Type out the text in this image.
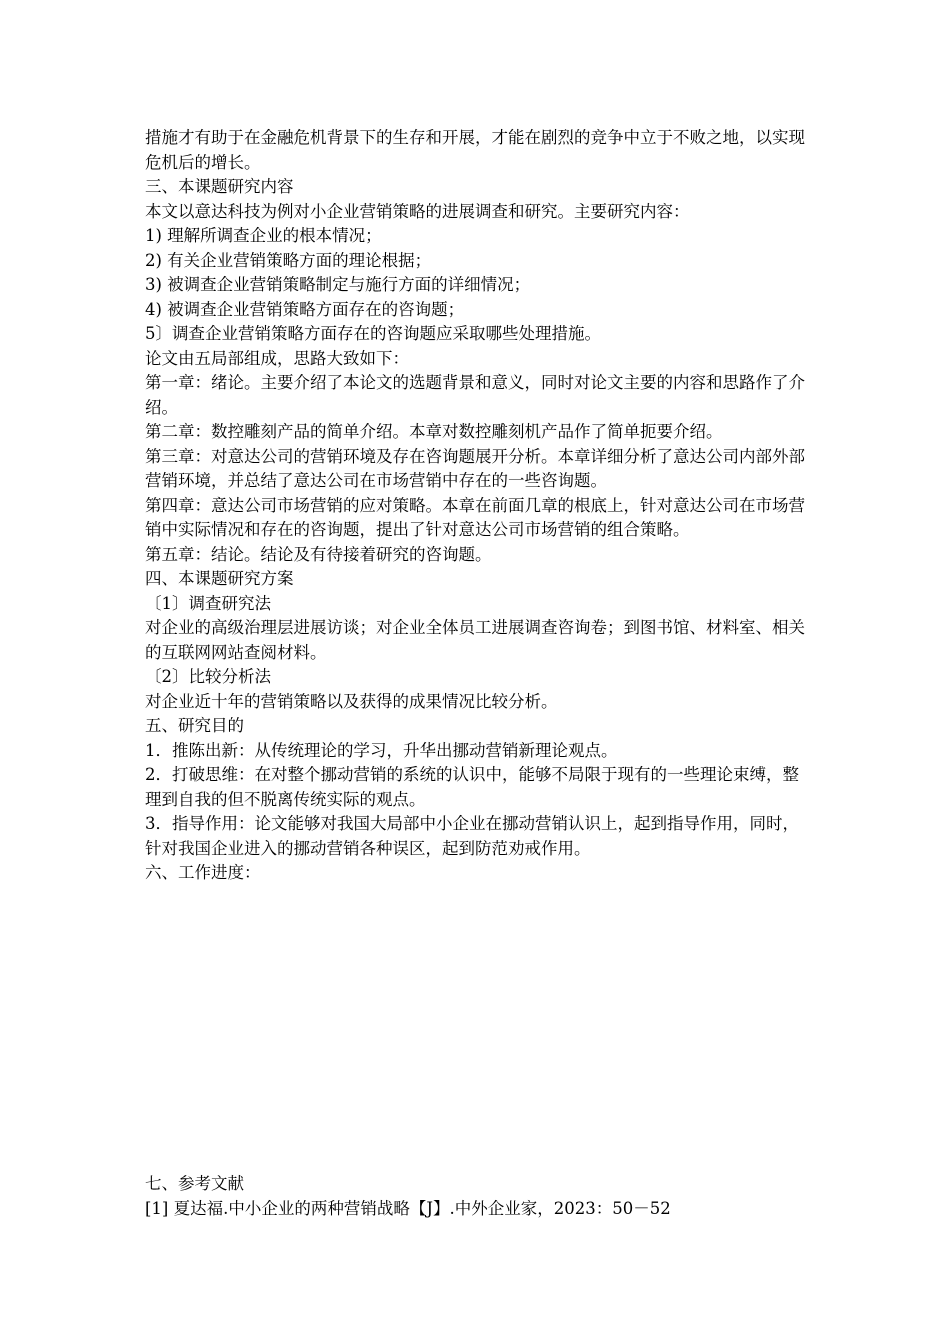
措施才有助于在金融危机背景下的生存和开展，才能在剧烈的竞争中立于不败之地，以实现危机后的增长。

三、本课题研究内容

本文以意达科技为例对小企业营销策略的进展调查和研究。主要研究内容：

1) 理解所调查企业的根本情况；

2) 有关企业营销策略方面的理论根据；

3) 被调查企业营销策略制定与施行方面的详细情况；

4) 被调查企业营销策略方面存在的咨询题；

5〕调查企业营销策略方面存在的咨询题应采取哪些处理措施。

论文由五局部组成，思路大致如下：

第一章：绪论。主要介绍了本论文的选题背景和意义，同时对论文主要的内容和思路作了介绍。

第二章：数控雕刻产品的简单介绍。本章对数控雕刻机产品作了简单扼要介绍。

第三章：对意达公司的营销环境及存在咨询题展开分析。本章详细分析了意达公司内部外部营销环境，并总结了意达公司在市场营销中存在的一些咨询题。

第四章：意达公司市场营销的应对策略。本章在前面几章的根底上，针对意达公司在市场营销中实际情况和存在的咨询题，提出了针对意达公司市场营销的组合策略。

第五章：结论。结论及有待接着研究的咨询题。

四、本课题研究方案

〔1〕调查研究法

对企业的高级治理层进展访谈；对企业全体员工进展调查咨询卷；到图书馆、材料室、相关的互联网网站查阅材料。

〔2〕比较分析法

对企业近十年的营销策略以及获得的成果情况比较分析。

五、研究目的

1．推陈出新：从传统理论的学习，升华出挪动营销新理论观点。

2．打破思维：在对整个挪动营销的系统的认识中，能够不局限于现有的一些理论束缚，整理到自我的但不脱离传统实际的观点。

3．指导作用：论文能够对我国大局部中小企业在挪动营销认识上，起到指导作用，同时，针对我国企业进入的挪动营销各种误区，起到防范劝戒作用。

六、工作进度：

七、参考文献

[1] 夏达福.中小企业的两种营销战略【J】.中外企业家，2023：50－52
